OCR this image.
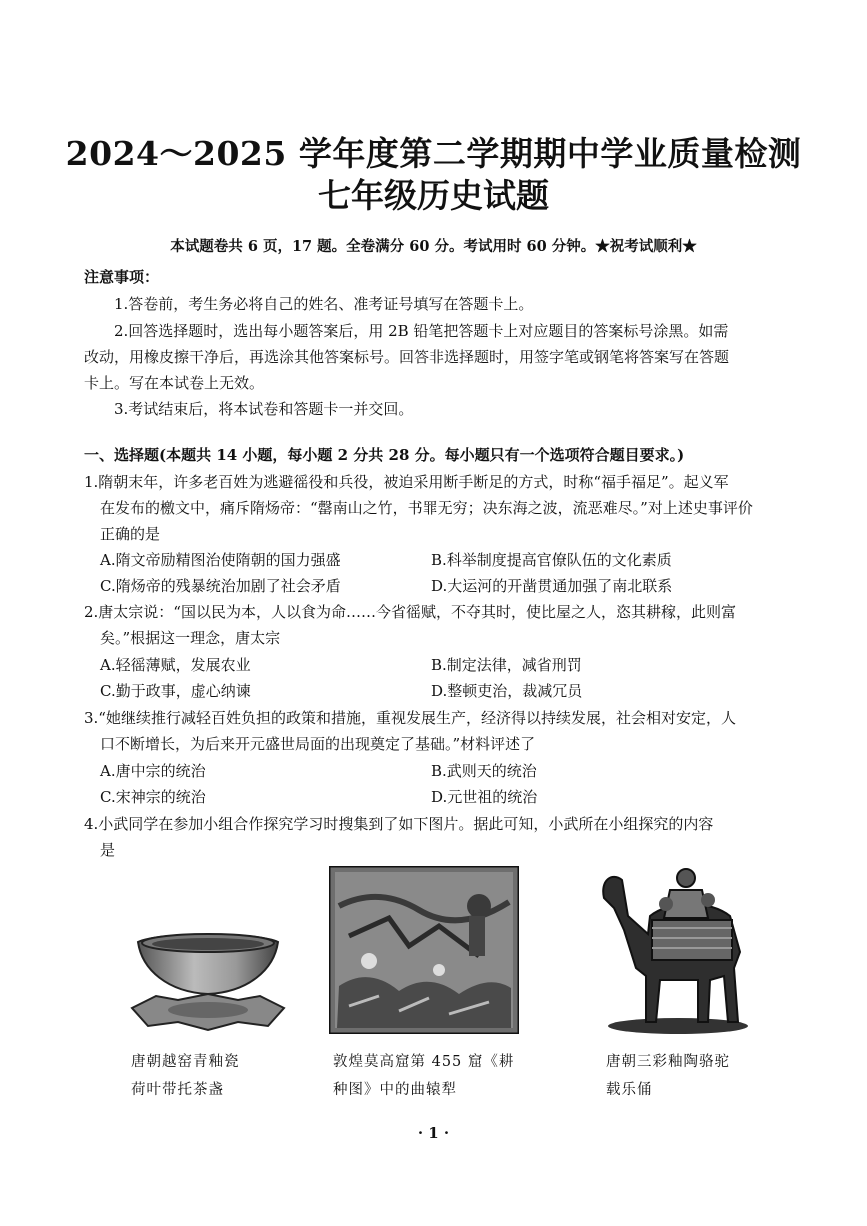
2024～2025 学年度第二学期期中学业质量检测
七年级历史试题
本试题卷共 6 页，17 题。全卷满分 60 分。考试用时 60 分钟。★祝考试顺利★
注意事项：
1.答卷前，考生务必将自己的姓名、准考证号填写在答题卡上。
2.回答选择题时，选出每小题答案后，用 2B 铅笔把答题卡上对应题目的答案标号涂黑。如需
改动，用橡皮擦干净后，再选涂其他答案标号。回答非选择题时，用签字笔或钢笔将答案写在答题
卡上。写在本试卷上无效。
3.考试结束后，将本试卷和答题卡一并交回。
一、选择题(本题共 14 小题，每小题 2 分共 28 分。每小题只有一个选项符合题目要求。)
1.隋朝末年，许多老百姓为逃避徭役和兵役，被迫采用断手断足的方式，时称“福手福足”。起义军
在发布的檄文中，痛斥隋炀帝：“罄南山之竹，书罪无穷；决东海之波，流恶难尽。”对上述史事评价
正确的是
A.隋文帝励精图治使隋朝的国力强盛	B.科举制度提高官僚队伍的文化素质
C.隋炀帝的残暴统治加剧了社会矛盾	D.大运河的开凿贯通加强了南北联系
2.唐太宗说：“国以民为本，人以食为命……今省徭赋，不夺其时，使比屋之人，恣其耕稼，此则富
矣。”根据这一理念，唐太宗
A.轻徭薄赋，发展农业	B.制定法律，减省刑罚
C.勤于政事，虚心纳谏	D.整顿吏治，裁减冗员
3.“她继续推行减轻百姓负担的政策和措施，重视发展生产，经济得以持续发展，社会相对安定，人
口不断增长，为后来开元盛世局面的出现奠定了基础。”材料评述了
A.唐中宗的统治	B.武则天的统治
C.宋神宗的统治	D.元世祖的统治
4.小武同学在参加小组合作探究学习时搜集到了如下图片。据此可知，小武所在小组探究的内容
是
唐朝越窑青釉瓷
荷叶带托茶盏
敦煌莫高窟第 455 窟《耕
种图》中的曲辕犁
唐朝三彩釉陶骆驼
载乐俑
· 1 ·
